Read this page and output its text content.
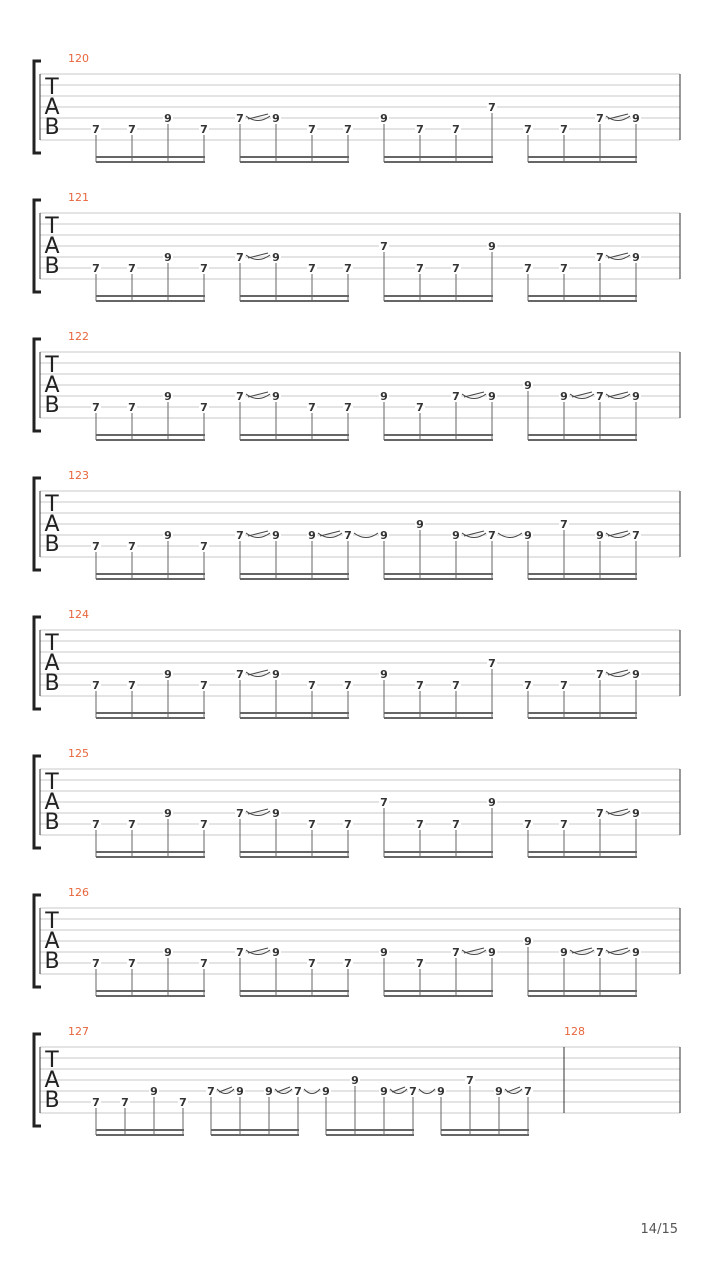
T
A
B
120
7	7
9
7
7	9
7	7
9
7	7
7
7	7
7	9
T
A
B
121
7	7
9
7
7	9
7	7
7
7	7
9
7	7
7	9
T
A
B
122
7	7
9
7
7	9
7	7
9
7
7	9
9
9	7	9
T
A
B
123
7	7
9
7
7	9	9	7	9
9
9	7	9
7
9	7
T
A
B
124
7	7
9
7
7	9
7	7
9
7	7
7
7	7
7	9
T
A
B
125
7	7
9
7
7	9
7	7
7
7	7
9
7	7
7	9
T
A
B
126
7	7
9
7
7	9
7	7
9
7
7	9
9
9	7	9
T
A
B
127
7 7
9
7
7 9 9 7 9
9
9 7 9
7
9 7
128
14/15
